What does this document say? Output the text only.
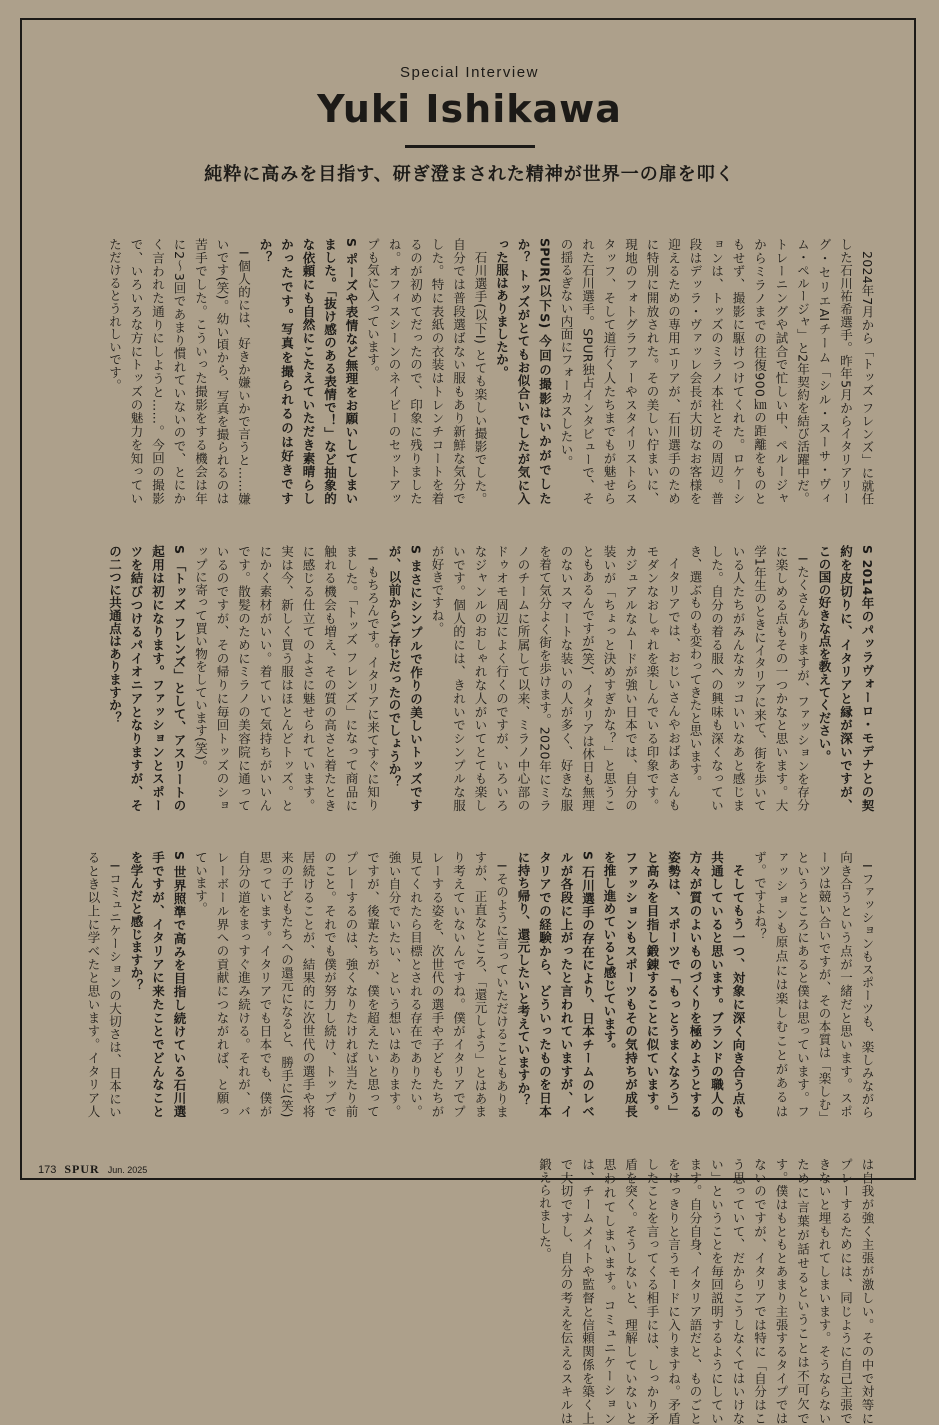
Special Interview
Yuki Ishikawa
純粋に高みを目指す、研ぎ澄まされた精神が世界一の扉を叩く

2024年7月から「トッズ フレンズ」に就任した石川祐希選手。昨年5月からイタリアリーグ・セリエAIチーム「シル・スーサ・ヴィム・ペルージャ」と2年契約を結び活躍中だ。トレーニングや試合で忙しい中、ペルージャからミラノまでの往復900㎞の距離をものともせず、撮影に駆けつけてくれた。ロケーションは、トッズのミラノ本社とその周辺。普段はデッラ・ヴァッレ会長が大切なお客様を迎えるための専用エリアが、石川選手のために特別に開放された。その美しい佇まいに、現地のフォトグラファーやスタイリストらスタッフ、そして道行く人たちまでもが魅せられた石川選手。SPUR独占インタビューで、その揺るぎない内面にフォーカスしたい。

SPUR(以下S) 今回の撮影はいかがでしたか？ トッズがとてもお似合いでしたが気に入った服はありましたか。

石川選手(以下I) とても楽しい撮影でした。自分では普段選ばない服もあり新鮮な気分でした。特に表紙の衣装はトレンチコートを着るのが初めてだったので、印象に残りましたね。オフィスシーンのネイビーのセットアップも気に入っています。

S ポーズや表情など無理をお願いしてしまいました。「抜け感のある表情で！」など抽象的な依頼にも自然にこたえていただき素晴らしかったです。写真を撮られるのは好きですか？

I 個人的には、好きか嫌いかで言うと……嫌いです(笑)。幼い頃から、写真を撮られるのは苦手でした。こういった撮影をする機会は年に2〜3回であまり慣れていないので、とにかく言われた通りにしようと……。今回の撮影で、いろいろな方にトッズの魅力を知っていただけるとうれしいです。

S 2014年のパッラヴォーロ・モデナとの契約を皮切りに、イタリアと縁が深いですが、この国の好きな点を教えてください。

I たくさんありますが、ファッションを存分に楽しめる点もその一つかなと思います。大学1年生のときにイタリアに来て、街を歩いている人たちがみんなカッコいいなあと感じました。自分の着る服への興味も深くなっていき、選ぶものも変わってきたと思います。

イタリアでは、おじいさんやおばあさんもモダンなおしゃれを楽しんでいる印象です。カジュアルなムードが強い日本では、自分の装いが「ちょっと決めすぎかな？」と思うこともあるんですが(笑)、イタリアは休日も無理のないスマートな装いの人が多く、好きな服を着て気分よく街を歩けます。2020年にミラノのチームに所属して以来、ミラノ中心部のドゥオモ周辺によく行くのですが、いろいろなジャンルのおしゃれな人がいてとても楽しいです。個人的には、きれいでシンプルな服が好きですね。

S まさにシンプルで作りの美しいトッズですが、以前からご存じだったのでしょうか？

I もちろんです。イタリアに来てすぐに知りました。「トッズ フレンズ」になって商品に触れる機会も増え、その質の高さと着たときに感じる仕立てのよさに魅せられています。実は今、新しく買う服はほとんどトッズ。とにかく素材がいい。着ていて気持ちがいいんです。散髪のためにミラノの美容院に通っているのですが、その帰りに毎回トッズのショップに寄って買い物をしています(笑)。

S 「トッズ フレンズ」として、アスリートの起用は初になります。ファッションとスポーツを結びつけるパイオニアとなりますが、その二つに共通点はありますか？

I ファッションもスポーツも、楽しみながら向き合うという点が一緒だと思います。スポーツは競い合いですが、その本質は「楽しむ」というところにあると僕は思っています。ファッションも原点には楽しむことがあるはず。ですよね？

そしてもう一つ、対象に深く向き合う点も共通していると思います。ブランドの職人の方々が質のよいものづくりを極めようとする姿勢は、スポーツで「もっとうまくなろう」と高みを目指し鍛錬することに似ています。ファッションもスポーツもその気持ちが成長を推し進めていると感じています。

S 石川選手の存在により、日本チームのレベルが各段に上がったと言われていますが、イタリアでの経験から、どういったものを日本に持ち帰り、還元したいと考えていますか？

I そのように言っていただけることもありますが、正直なところ、「還元しよう」とはあまり考えていないんですね。僕がイタリアでプレーする姿を、次世代の選手や子どもたちが見てくれたら目標とされる存在でありたい。強い自分でいたい、という想いはあります。ですが、後輩たちが、僕を超えたいと思ってプレーするのは、強くなりたければ当たり前のこと。それでも僕が努力し続け、トップで居続けることが、結果的に次世代の選手や将来の子どもたちへの還元になると、勝手に(笑)思っています。イタリアでも日本でも、僕が自分の道をまっすぐ進み続ける。それが、バレーボール界への貢献につながれば、と願っています。

S 世界照準で高みを目指し続けている石川選手ですが、イタリアに来たことでどんなことを学んだと感じますか？

I コミュニケーションの大切さは、日本にいるとき以上に学べたと思います。イタリア人は自我が強く主張が激しい。その中で対等にプレーするためには、同じように自己主張できないと埋もれてしまいます。そうならないために言葉が話せるということは不可欠です。僕はもともとあまり主張するタイプではないのですが、イタリアでは特に「自分はこう思っていて、だからこうしなくてはいけない」ということを毎回説明するようにしています。自分自身、イタリア語だと、ものごとをはっきりと言うモードに入りますね。矛盾したことを言ってくる相手には、しっかり矛盾を突く。そうしないと、理解していないと思われてしまいます。コミュニケーションは、チームメイトや監督と信頼関係を築く上で大切ですし、自分の考えを伝えるスキルは鍛えられました。

173 SPUR Jun. 2025
